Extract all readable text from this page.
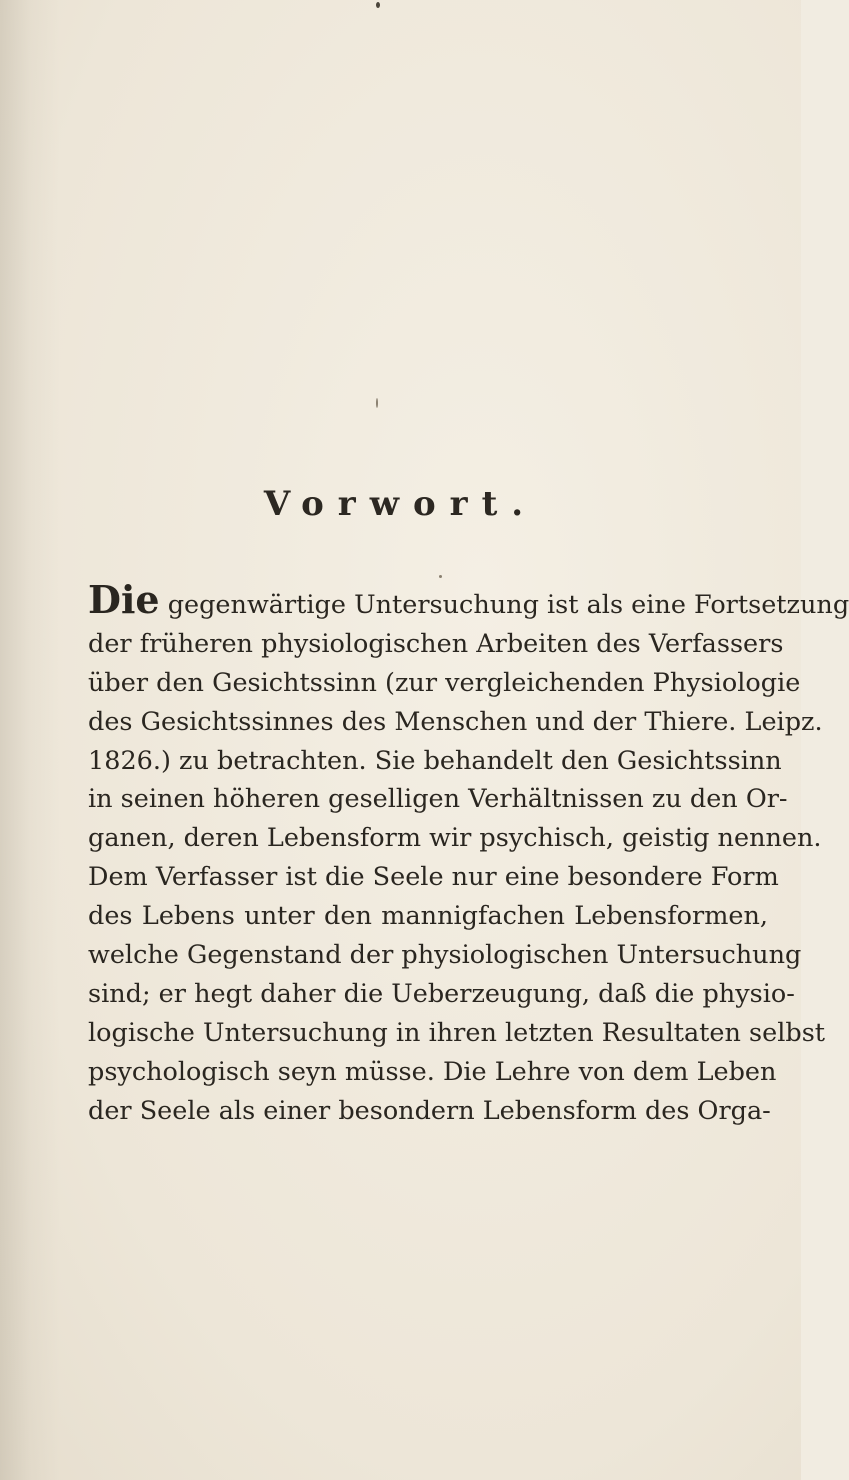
Vorwort.
Die gegenwärtige Untersuchung ist als eine Fortsetzung
der früheren physiologischen Arbeiten des Verfassers
über den Gesichtssinn (zur vergleichenden Physiologie
des Gesichtssinnes des Menschen und der Thiere. Leipz.
1826.) zu betrachten. Sie behandelt den Gesichtssinn
in seinen höheren geselligen Verhältnissen zu den Or-
ganen, deren Lebensform wir psychisch, geistig nennen.
Dem Verfasser ist die Seele nur eine besondere Form
des Lebens unter den mannigfachen Lebensformen,
welche Gegenstand der physiologischen Untersuchung
sind; er hegt daher die Ueberzeugung, daß die physio-
logische Untersuchung in ihren letzten Resultaten selbst
psychologisch seyn müsse. Die Lehre von dem Leben
der Seele als einer besondern Lebensform des Orga-
